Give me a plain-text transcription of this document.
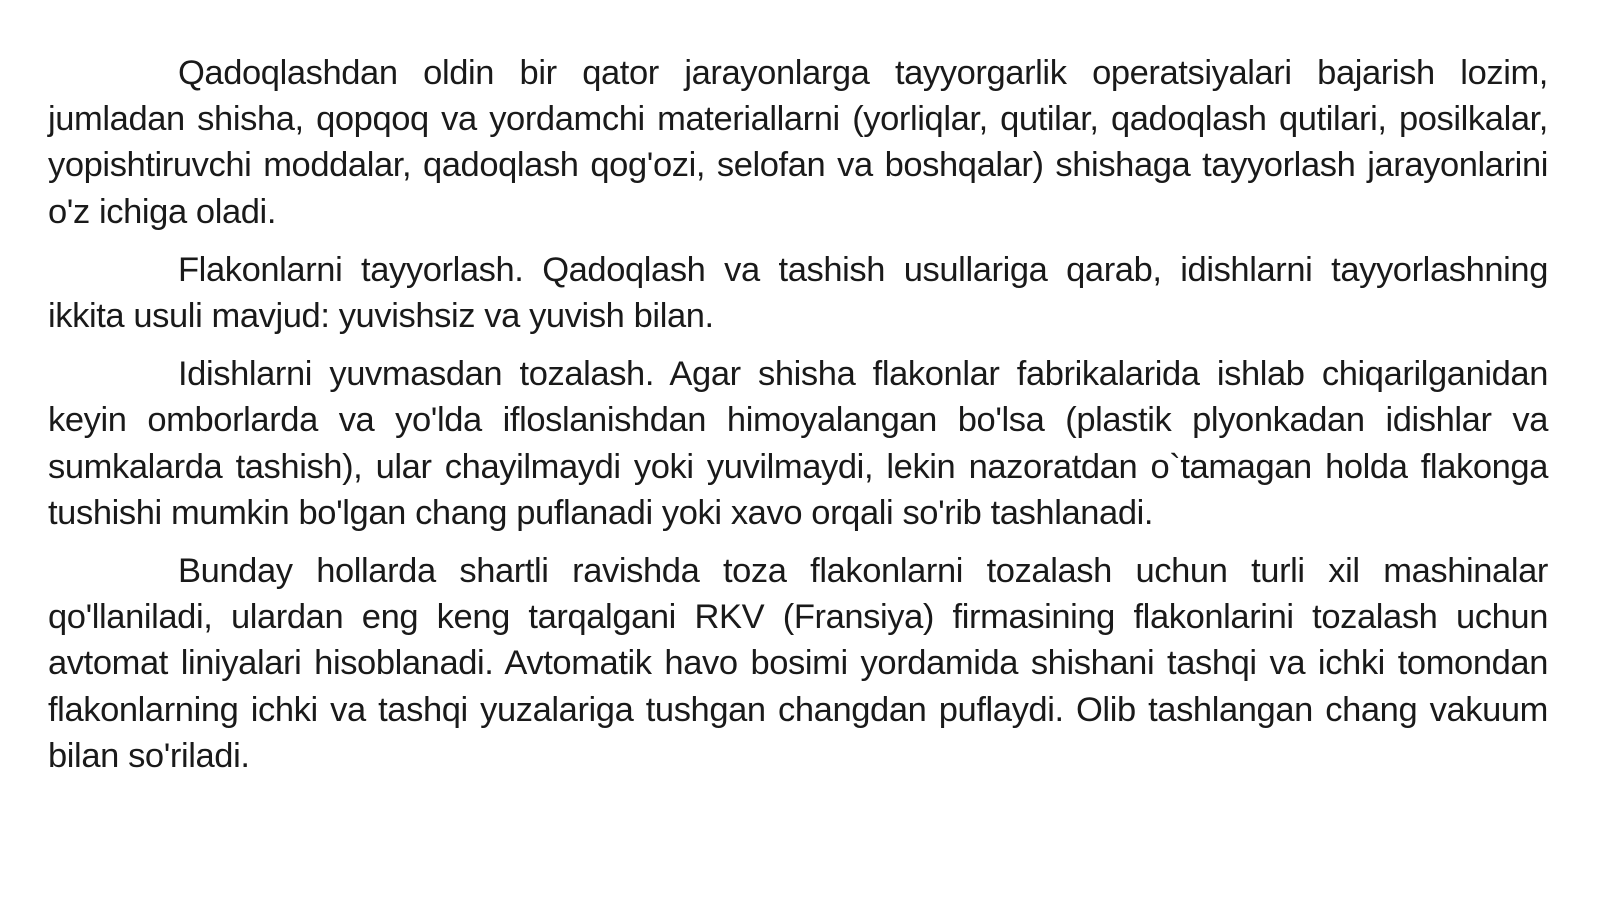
Qadoqlashdan oldin bir qator jarayonlarga tayyorgarlik operatsiyalari bajarish lozim, jumladan shisha, qopqoq va yordamchi materiallarni (yorliqlar, qutilar, qadoqlash qutilari, posilkalar, yopishtiruvchi moddalar, qadoqlash qog'ozi, selofan va boshqalar) shishaga tayyorlash jarayonlarini o'z ichiga oladi.

Flakonlarni tayyorlash. Qadoqlash va tashish usullariga qarab, idishlarni tayyorlashning ikkita usuli mavjud: yuvishsiz va yuvish bilan.

Idishlarni yuvmasdan tozalash. Agar shisha flakonlar fabrikalarida ishlab chiqarilganidan keyin omborlarda va yo'lda ifloslanishdan himoyalangan bo'lsa (plastik plyonkadan idishlar va sumkalarda tashish), ular chayilmaydi yoki yuvilmaydi, lekin nazoratdan o`tamagan holda flakonga tushishi mumkin bo'lgan chang puflanadi yoki xavo orqali so'rib tashlanadi.

Bunday hollarda shartli ravishda toza flakonlarni tozalash uchun turli xil mashinalar qo'llaniladi, ulardan eng keng tarqalgani RKV (Fransiya) firmasining flakonlarini tozalash uchun avtomat liniyalari hisoblanadi. Avtomatik havo bosimi yordamida shishani tashqi va ichki tomondan flakonlarning ichki va tashqi yuzalariga tushgan changdan puflaydi. Olib tashlangan chang vakuum bilan so'riladi.
